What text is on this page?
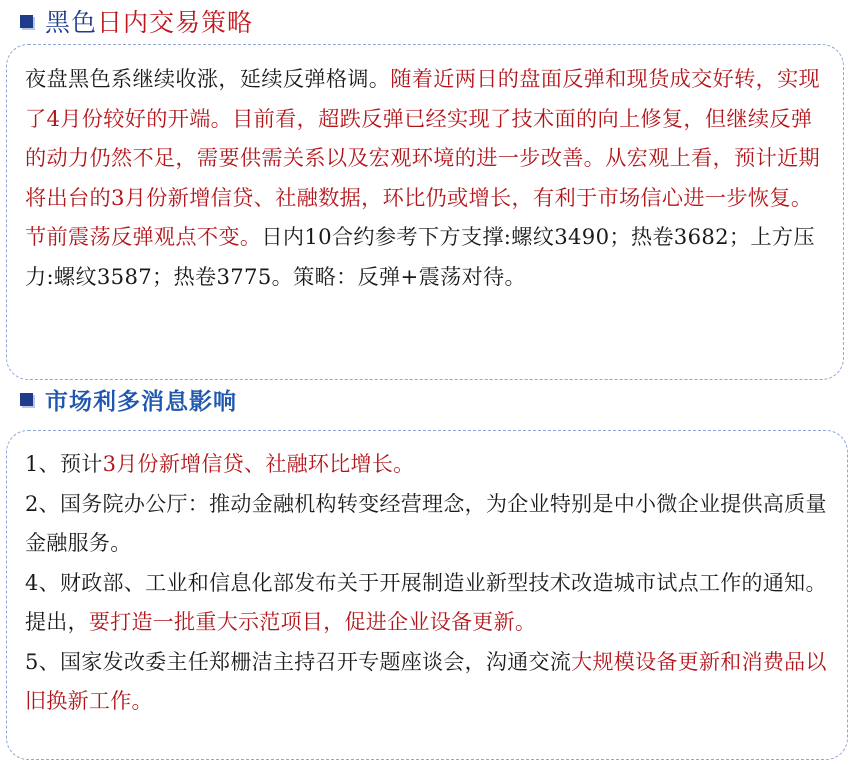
黑色日内交易策略

夜盘黑色系继续收涨，延续反弹格调。随着近两日的盘面反弹和现货成交好转，实现了4月份较好的开端。目前看，超跌反弹已经实现了技术面的向上修复，但继续反弹的动力仍然不足，需要供需关系以及宏观环境的进一步改善。从宏观上看，预计近期将出台的3月份新增信贷、社融数据，环比仍或增长，有利于市场信心进一步恢复。节前震荡反弹观点不变。日内10合约参考下方支撑:螺纹3490；热卷3682；上方压力:螺纹3587；热卷3775。策略：反弹+震荡对待。

市场利多消息影响

1、预计3月份新增信贷、社融环比增长。

2、国务院办公厅：推动金融机构转变经营理念，为企业特别是中小微企业提供高质量金融服务。

4、财政部、工业和信息化部发布关于开展制造业新型技术改造城市试点工作的通知。提出，要打造一批重大示范项目，促进企业设备更新。

5、国家发改委主任郑栅洁主持召开专题座谈会，沟通交流大规模设备更新和消费品以旧换新工作。
